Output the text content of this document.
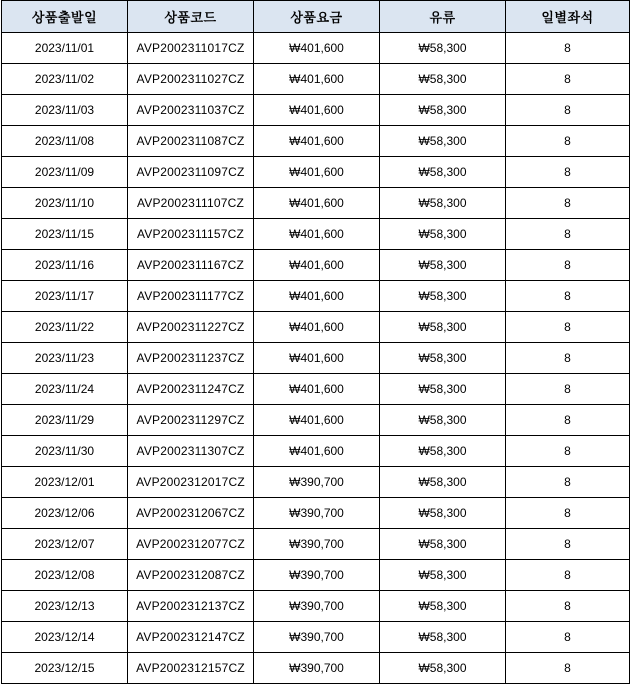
상품출발일	상품코드	상품요금	유류	일별좌석
2023/11/01	AVP2002311017CZ	₩401,600	₩58,300	8
2023/11/02	AVP2002311027CZ	₩401,600	₩58,300	8
2023/11/03	AVP2002311037CZ	₩401,600	₩58,300	8
2023/11/08	AVP2002311087CZ	₩401,600	₩58,300	8
2023/11/09	AVP2002311097CZ	₩401,600	₩58,300	8
2023/11/10	AVP2002311107CZ	₩401,600	₩58,300	8
2023/11/15	AVP2002311157CZ	₩401,600	₩58,300	8
2023/11/16	AVP2002311167CZ	₩401,600	₩58,300	8
2023/11/17	AVP2002311177CZ	₩401,600	₩58,300	8
2023/11/22	AVP2002311227CZ	₩401,600	₩58,300	8
2023/11/23	AVP2002311237CZ	₩401,600	₩58,300	8
2023/11/24	AVP2002311247CZ	₩401,600	₩58,300	8
2023/11/29	AVP2002311297CZ	₩401,600	₩58,300	8
2023/11/30	AVP2002311307CZ	₩401,600	₩58,300	8
2023/12/01	AVP2002312017CZ	₩390,700	₩58,300	8
2023/12/06	AVP2002312067CZ	₩390,700	₩58,300	8
2023/12/07	AVP2002312077CZ	₩390,700	₩58,300	8
2023/12/08	AVP2002312087CZ	₩390,700	₩58,300	8
2023/12/13	AVP2002312137CZ	₩390,700	₩58,300	8
2023/12/14	AVP2002312147CZ	₩390,700	₩58,300	8
2023/12/15	AVP2002312157CZ	₩390,700	₩58,300	8
